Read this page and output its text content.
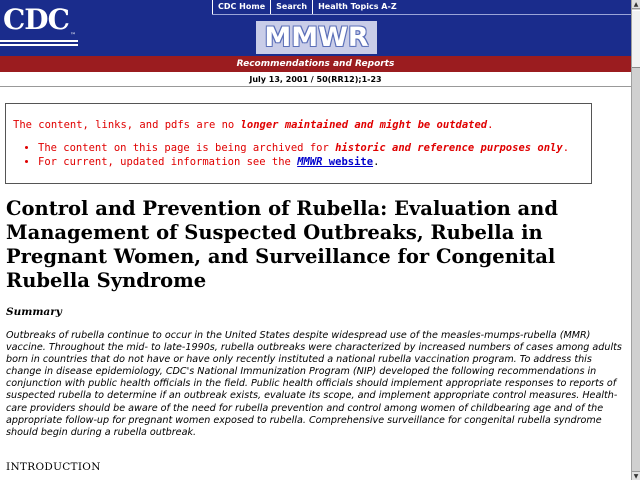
CDC ™
CDC Home	Search	Health Topics A-Z
MMWR
Recommendations and Reports
July 13, 2001 / 50(RR12);1-23
The content, links, and pdfs are no longer maintained and might be outdated.
• The content on this page is being archived for historic and reference purposes only.
• For current, updated information see the MMWR website.
Control and Prevention of Rubella: Evaluation and Management of Suspected Outbreaks, Rubella in Pregnant Women, and Surveillance for Congenital Rubella Syndrome
Summary

Outbreaks of rubella continue to occur in the United States despite widespread use of the measles-mumps-rubella (MMR) vaccine. Throughout the mid- to late-1990s, rubella outbreaks were characterized by increased numbers of cases among adults born in countries that do not have or have only recently instituted a national rubella vaccination program. To address this change in disease epidemiology, CDC's National Immunization Program (NIP) developed the following recommendations in conjunction with public health officials in the field. Public health officials should implement appropriate responses to reports of suspected rubella to determine if an outbreak exists, evaluate its scope, and implement appropriate control measures. Health-care providers should be aware of the need for rubella prevention and control among women of childbearing age and of the appropriate follow-up for pregnant women exposed to rubella. Comprehensive surveillance for congenital rubella syndrome should begin during a rubella outbreak.

INTRODUCTION
▲
▼
